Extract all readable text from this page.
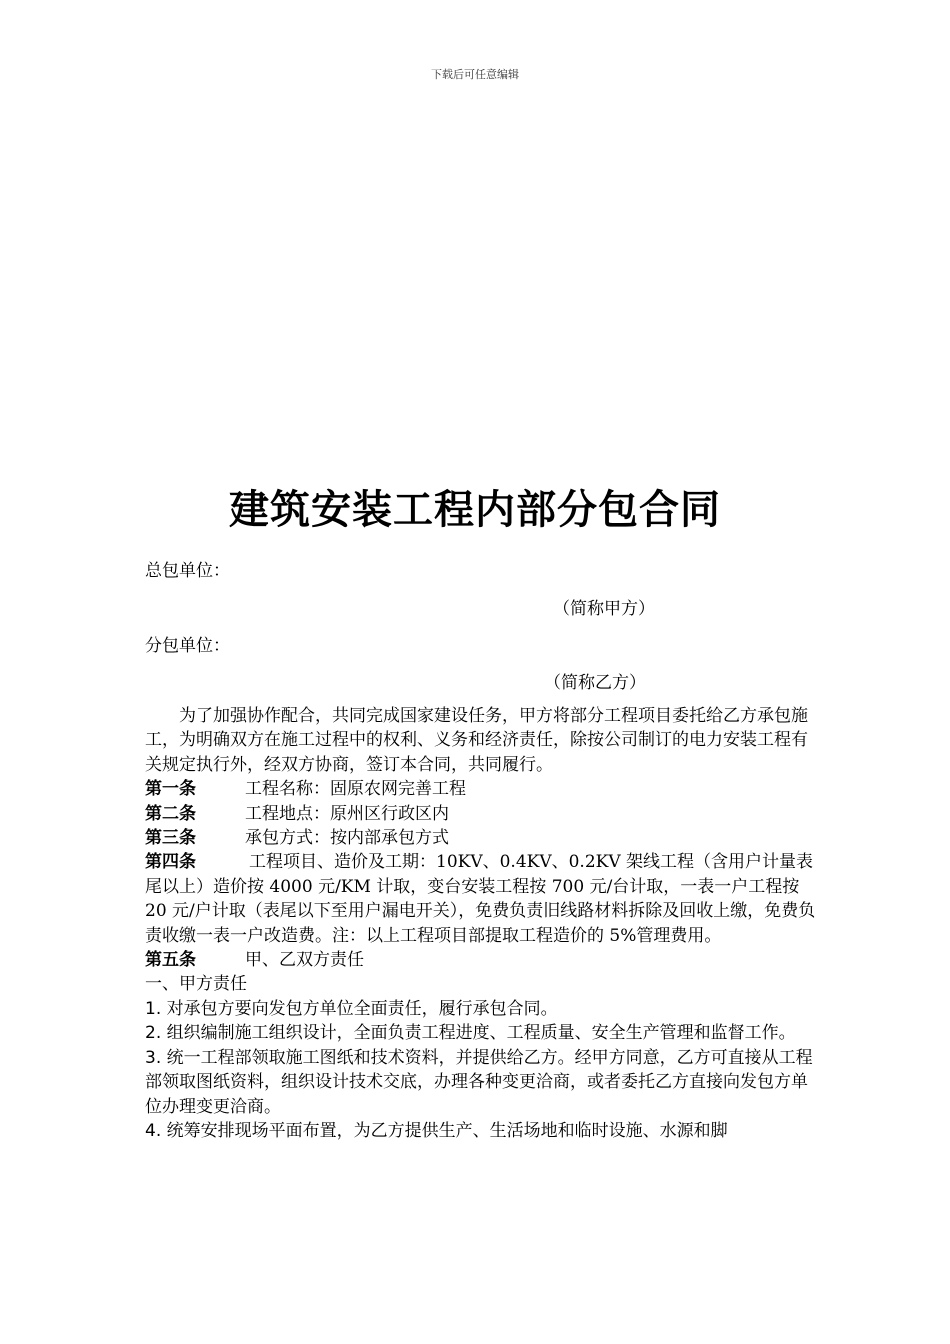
下载后可任意编辑
建筑安装工程内部分包合同
总包单位：
（简称甲方）
分包单位：
（简称乙方）

为了加强协作配合，共同完成国家建设任务，甲方将部分工程项目委托给乙方承包施工，为明确双方在施工过程中的权利、义务和经济责任，除按公司制订的电力安装工程有关规定执行外，经双方协商，签订本合同，共同履行。

第一条	工程名称：固原农网完善工程

第二条	工程地点：原州区行政区内

第三条	承包方式：按内部承包方式

第四条	工程项目、造价及工期：10KV、0.4KV、0.2KV 架线工程（含用户计量表尾以上）造价按 4000 元/KM 计取，变台安装工程按 700 元/台计取，一表一户工程按 20 元/户计取（表尾以下至用户漏电开关），免费负责旧线路材料拆除及回收上缴，免费负责收缴一表一户改造费。注：以上工程项目部提取工程造价的 5%管理费用。

第五条	甲、乙双方责任

一、甲方责任

1. 对承包方要向发包方单位全面责任，履行承包合同。

2. 组织编制施工组织设计，全面负责工程进度、工程质量、安全生产管理和监督工作。

3. 统一工程部领取施工图纸和技术资料，并提供给乙方。经甲方同意，乙方可直接从工程部领取图纸资料，组织设计技术交底，办理各种变更洽商，或者委托乙方直接向发包方单位办理变更洽商。

4. 统筹安排现场平面布置，为乙方提供生产、生活场地和临时设施、水源和脚
